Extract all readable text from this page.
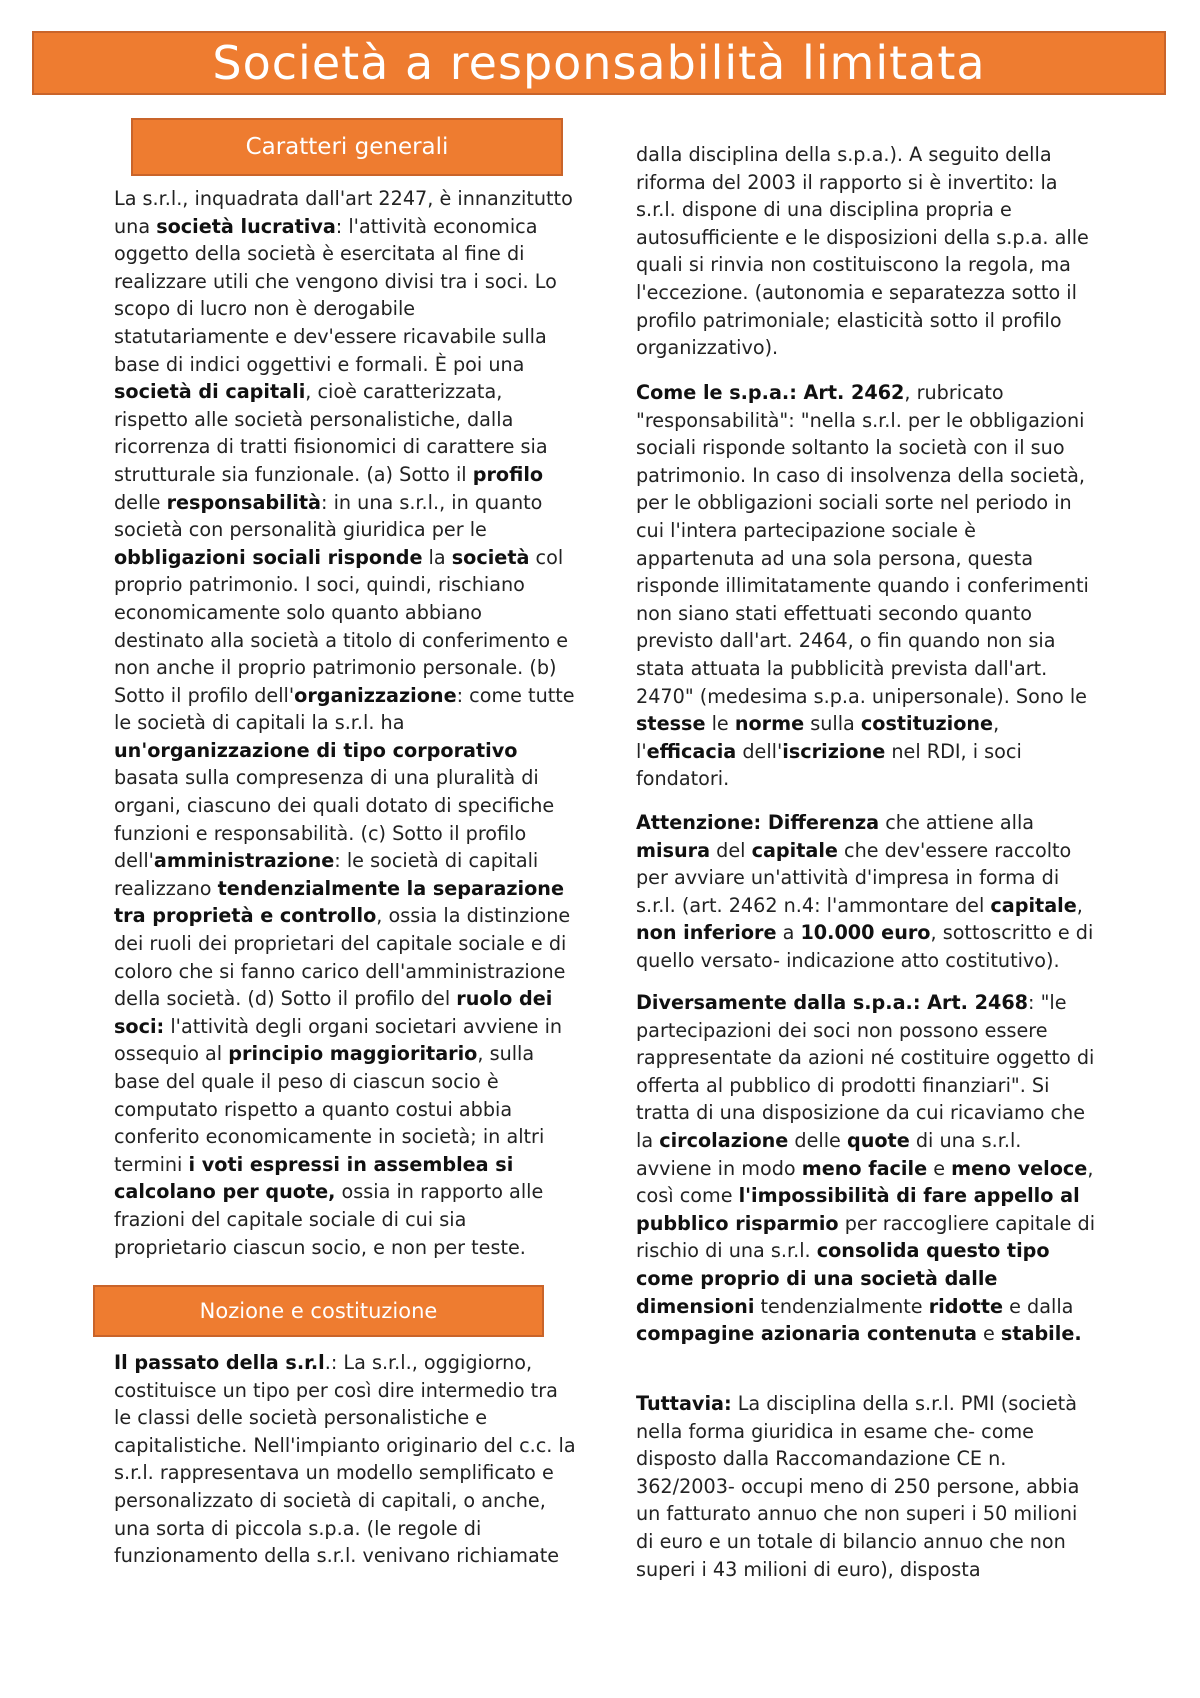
Società a responsabilità limitata
Caratteri generali

La s.r.l., inquadrata dall'art 2247, è innanzitutto una società lucrativa: l'attività economica oggetto della società è esercitata al fine di realizzare utili che vengono divisi tra i soci. Lo scopo di lucro non è derogabile statutariamente e dev'essere ricavabile sulla base di indici oggettivi e formali. È poi una società di capitali, cioè caratterizzata, rispetto alle società personalistiche, dalla ricorrenza di tratti fisionomici di carattere sia strutturale sia funzionale. (a) Sotto il profilo delle responsabilità: in una s.r.l., in quanto società con personalità giuridica per le obbligazioni sociali risponde la società col proprio patrimonio. I soci, quindi, rischiano economicamente solo quanto abbiano destinato alla società a titolo di conferimento e non anche il proprio patrimonio personale. (b) Sotto il profilo dell'organizzazione: come tutte le società di capitali la s.r.l. ha un'organizzazione di tipo corporativo basata sulla compresenza di una pluralità di organi, ciascuno dei quali dotato di specifiche funzioni e responsabilità. (c) Sotto il profilo dell'amministrazione: le società di capitali realizzano tendenzialmente la separazione tra proprietà e controllo, ossia la distinzione dei ruoli dei proprietari del capitale sociale e di coloro che si fanno carico dell'amministrazione della società. (d) Sotto il profilo del ruolo dei soci: l'attività degli organi societari avviene in ossequio al principio maggioritario, sulla base del quale il peso di ciascun socio è computato rispetto a quanto costui abbia conferito economicamente in società; in altri termini i voti espressi in assemblea si calcolano per quote, ossia in rapporto alle frazioni del capitale sociale di cui sia proprietario ciascun socio, e non per teste.

Nozione e costituzione

Il passato della s.r.l.: La s.r.l., oggigiorno, costituisce un tipo per così dire intermedio tra le classi delle società personalistiche e capitalistiche. Nell'impianto originario del c.c. la s.r.l. rappresentava un modello semplificato e personalizzato di società di capitali, o anche, una sorta di piccola s.p.a. (le regole di funzionamento della s.r.l. venivano richiamate

dalla disciplina della s.p.a.). A seguito della riforma del 2003 il rapporto si è invertito: la s.r.l. dispone di una disciplina propria e autosufficiente e le disposizioni della s.p.a. alle quali si rinvia non costituiscono la regola, ma l'eccezione. (autonomia e separatezza sotto il profilo patrimoniale; elasticità sotto il profilo organizzativo).

Come le s.p.a.: Art. 2462, rubricato "responsabilità": "nella s.r.l. per le obbligazioni sociali risponde soltanto la società con il suo patrimonio. In caso di insolvenza della società, per le obbligazioni sociali sorte nel periodo in cui l'intera partecipazione sociale è appartenuta ad una sola persona, questa risponde illimitatamente quando i conferimenti non siano stati effettuati secondo quanto previsto dall'art. 2464, o fin quando non sia stata attuata la pubblicità prevista dall'art. 2470" (medesima s.p.a. unipersonale). Sono le stesse le norme sulla costituzione, l'efficacia dell'iscrizione nel RDI, i soci fondatori.

Attenzione: Differenza che attiene alla misura del capitale che dev'essere raccolto per avviare un'attività d'impresa in forma di s.r.l. (art. 2462 n.4: l'ammontare del capitale, non inferiore a 10.000 euro, sottoscritto e di quello versato- indicazione atto costitutivo).

Diversamente dalla s.p.a.: Art. 2468: "le partecipazioni dei soci non possono essere rappresentate da azioni né costituire oggetto di offerta al pubblico di prodotti finanziari". Si tratta di una disposizione da cui ricaviamo che la circolazione delle quote di una s.r.l. avviene in modo meno facile e meno veloce, così come l'impossibilità di fare appello al pubblico risparmio per raccogliere capitale di rischio di una s.r.l. consolida questo tipo come proprio di una società dalle dimensioni tendenzialmente ridotte e dalla compagine azionaria contenuta e stabile.

Tuttavia: La disciplina della s.r.l. PMI (società nella forma giuridica in esame che- come disposto dalla Raccomandazione CE n. 362/2003- occupi meno di 250 persone, abbia un fatturato annuo che non superi i 50 milioni di euro e un totale di bilancio annuo che non superi i 43 milioni di euro), disposta
